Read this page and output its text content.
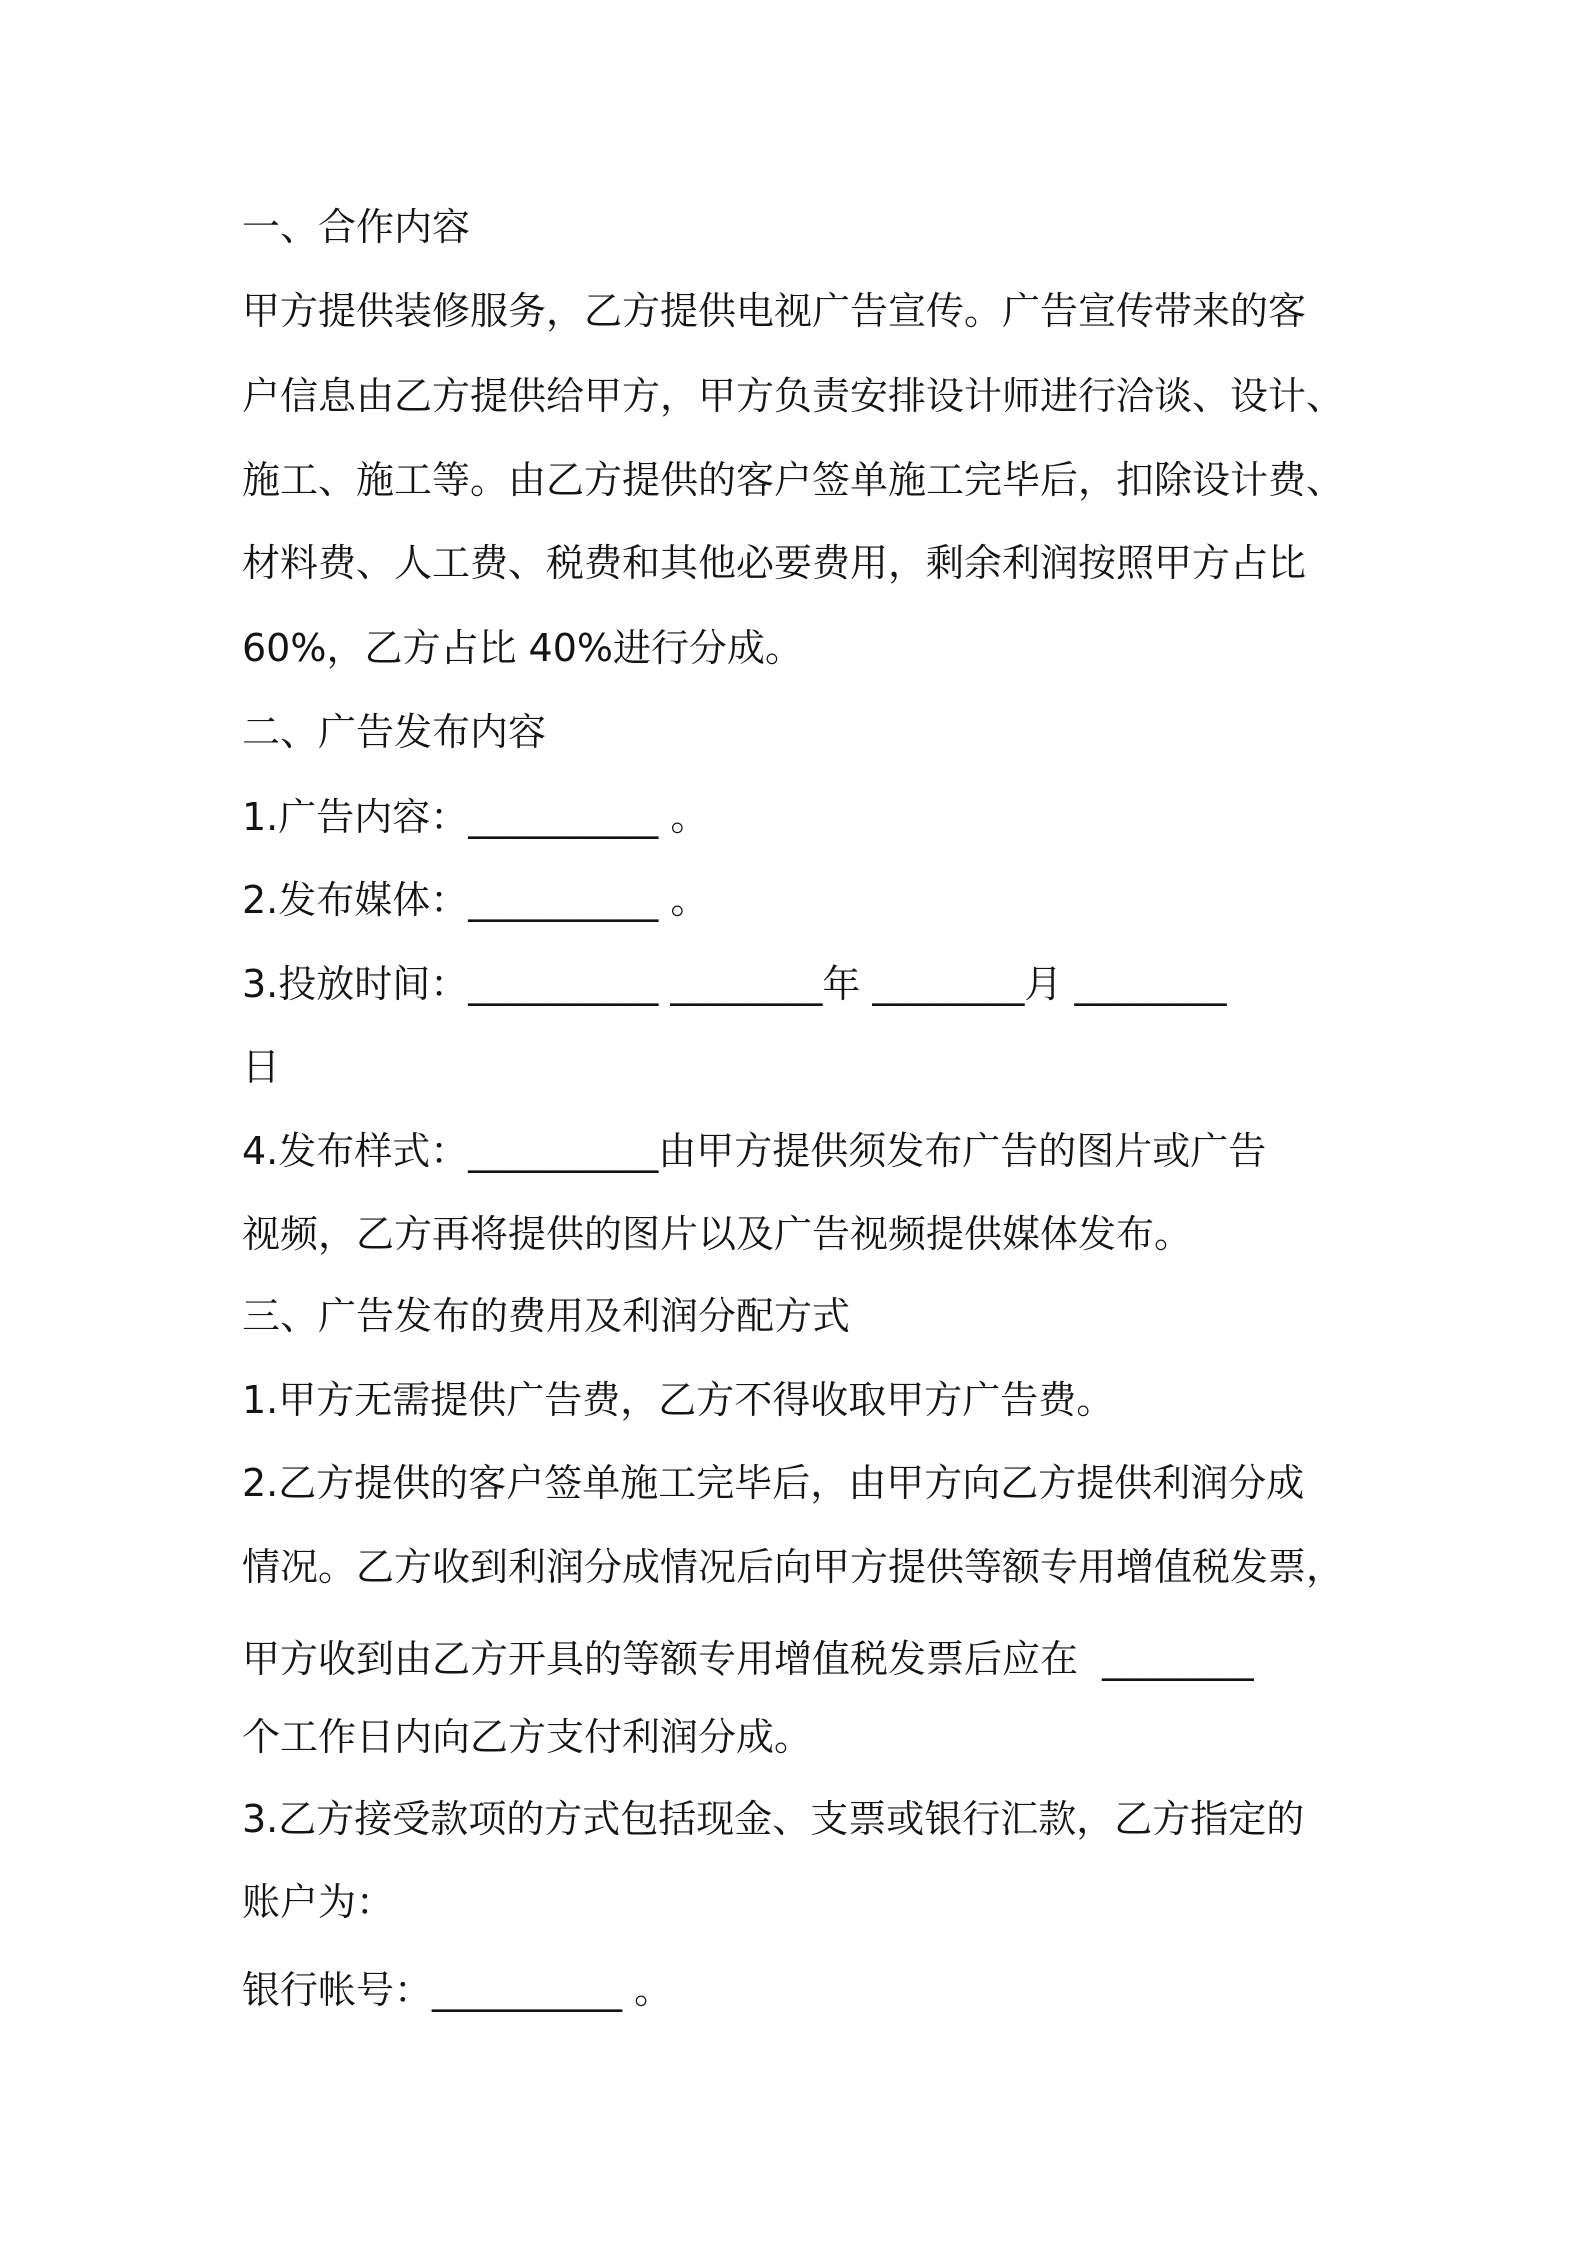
一、合作内容
甲方提供装修服务，乙方提供电视广告宣传。广告宣传带来的客
户信息由乙方提供给甲方，甲方负责安排设计师进行洽谈、设计、
施工、施工等。由乙方提供的客户签单施工完毕后，扣除设计费、
材料费、人工费、税费和其他必要费用，剩余利润按照甲方占比
60%，乙方占比 40%进行分成。
二、广告发布内容
1.广告内容：__________ 。
2.发布媒体：__________ 。
3.投放时间：__________ ________年 ________月 ________
日
4.发布样式：__________由甲方提供须发布广告的图片或广告
视频，乙方再将提供的图片以及广告视频提供媒体发布。
三、广告发布的费用及利润分配方式
1.甲方无需提供广告费，乙方不得收取甲方广告费。
2.乙方提供的客户签单施工完毕后，由甲方向乙方提供利润分成
情况。乙方收到利润分成情况后向甲方提供等额专用增值税发票，
甲方收到由乙方开具的等额专用增值税发票后应在  ________
个工作日内向乙方支付利润分成。
3.乙方接受款项的方式包括现金、支票或银行汇款，乙方指定的
账户为：
银行帐号：__________ 。
